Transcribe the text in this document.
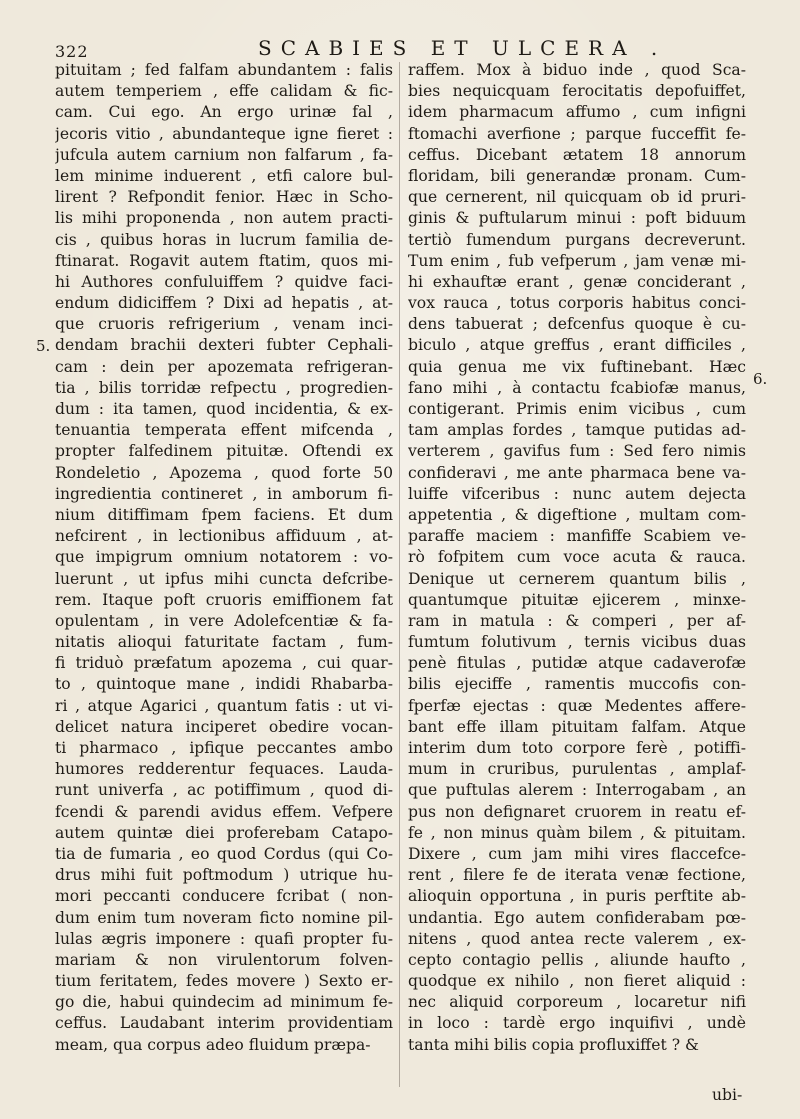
322	SCABIES ET ULCERA .
5.
6.
pituitam ; fed falfam abundantem : falis
autem temperiem , effe calidam & fic-
cam. Cui ego. An ergo urinæ fal ,
jecoris vitio , abundanteque igne fieret :
jufcula autem carnium non falfarum , fa-
lem minime induerent , etfi calore bul-
lirent ? Refpondit fenior. Hæc in Scho-
lis mihi proponenda , non autem practi-
cis , quibus horas in lucrum familia de-
ftinarat. Rogavit autem ftatim, quos mi-
hi Authores confuluiffem ? quidve faci-
endum didiciffem ? Dixi ad hepatis , at-
que cruoris refrigerium , venam inci-
dendam brachii dexteri fubter Cephali-
cam : dein per apozemata refrigeran-
tia , bilis torridæ refpectu , progredien-
dum : ita tamen, quod incidentia, & ex-
tenuantia temperata effent mifcenda ,
propter falfedinem pituitæ. Oftendi ex
Rondeletio , Apozema , quod forte 50
ingredientia contineret , in amborum fi-
nium ditiffimam fpem faciens. Et dum
nefcirent , in lectionibus affiduum , at-
que impigrum omnium notatorem : vo-
luerunt , ut ipfus mihi cuncta defcribe-
rem. Itaque poft cruoris emiffionem fat
opulentam , in vere Adolefcentiæ & fa-
nitatis alioqui faturitate factam , fum-
fi triduò præfatum apozema , cui quar-
to , quintoque mane , indidi Rhabarba-
ri , atque Agarici , quantum fatis : ut vi-
delicet natura inciperet obedire vocan-
ti pharmaco , ipfique peccantes ambo
humores redderentur fequaces. Lauda-
runt univerfa , ac potiffimum , quod di-
fcendi & parendi avidus effem. Vefpere
autem quintæ diei proferebam Catapo-
tia de fumaria , eo quod Cordus (qui Co-
drus mihi fuit poftmodum ) utrique hu-
mori peccanti conducere fcribat ( non-
dum enim tum noveram ficto nomine pil-
lulas ægris imponere : quafi propter fu-
mariam & non virulentorum folven-
tium feritatem, fedes movere ) Sexto er-
go die, habui quindecim ad minimum fe-
ceffus. Laudabant interim providentiam
meam, qua corpus adeo fluidum præpa-
raffem. Mox à biduo inde , quod Sca-
bies nequicquam ferocitatis depofuiffet,
idem pharmacum affumo , cum infigni
ftomachi averfione ; parque fucceffit fe-
ceffus. Dicebant ætatem 18 annorum
floridam, bili generandæ pronam. Cum-
que cernerent, nil quicquam ob id pruri-
ginis & puftularum minui : poft biduum
tertiò fumendum purgans decreverunt.
Tum enim , fub vefperum , jam venæ mi-
hi exhauftæ erant , genæ conciderant ,
vox rauca , totus corporis habitus conci-
dens tabuerat ; defcenfus quoque è cu-
biculo , atque greffus , erant difficiles ,
quia genua me vix fuftinebant. Hæc
fano mihi , à contactu fcabiofæ manus,
contigerant. Primis enim vicibus , cum
tam amplas fordes , tamque putidas ad-
verterem , gavifus fum : Sed fero nimis
confideravi , me ante pharmaca bene va-
luiffe vifceribus : nunc autem dejecta
appetentia , & digeftione , multam com-
paraffe maciem : manfiffe Scabiem ve-
rò fofpitem cum voce acuta & rauca.
Denique ut cernerem quantum bilis ,
quantumque pituitæ ejicerem , minxe-
ram in matula : & comperi , per af-
fumtum folutivum , ternis vicibus duas
penè fitulas , putidæ atque cadaverofæ
bilis ejeciffe , ramentis muccofis con-
fperfæ ejectas : quæ Medentes affere-
bant effe illam pituitam falfam. Atque
interim dum toto corpore ferè , potiffi-
mum in cruribus, purulentas , amplaf-
que puftulas alerem : Interrogabam , an
pus non defignaret cruorem in reatu ef-
fe , non minus quàm bilem , & pituitam.
Dixere , cum jam mihi vires flaccefce-
rent , filere fe de iterata venæ fectione,
alioquin opportuna , in puris perftite ab-
undantia. Ego autem confiderabam pœ-
nitens , quod antea recte valerem , ex-
cepto contagio pellis , aliunde haufto ,
quodque ex nihilo , non fieret aliquid :
nec aliquid corporeum , locaretur nifi
in loco : tardè ergo inquifivi , undè
tanta mihi bilis copia profluxiffet ? &
ubi-
